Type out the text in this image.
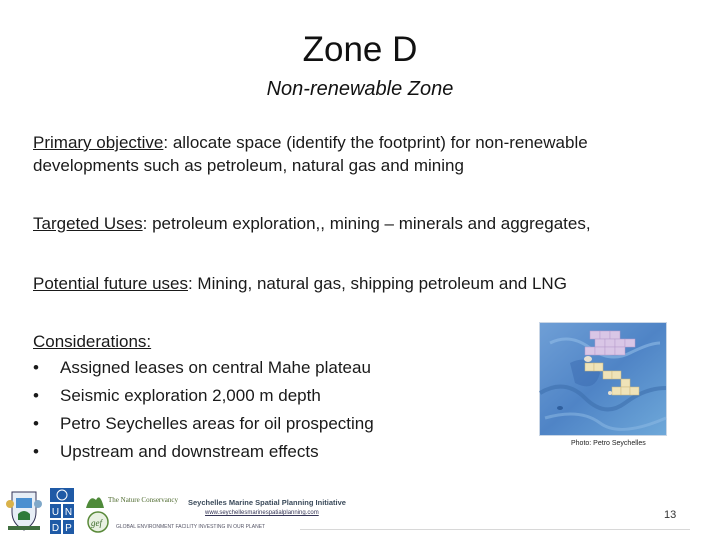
Zone D
Non-renewable Zone
Primary objective: allocate space (identify the footprint) for non-renewable developments such as petroleum, natural gas and mining
Targeted Uses: petroleum exploration,, mining – minerals and aggregates,
Potential future uses: Mining, natural gas, shipping petroleum and LNG
Considerations:
• Assigned leases on central Mahe plateau
• Seismic exploration 2,000 m depth
• Petro Seychelles areas for oil prospecting
• Upstream and downstream effects	Photo: Petro Seychelles
U N
D P
The Nature Conservancy
gef	GLOBAL ENVIRONMENT FACILITY INVESTING IN OUR PLANET
Seychelles Marine Spatial Planning Initiative
www.seychellesmarinespatialplanning.com	13
